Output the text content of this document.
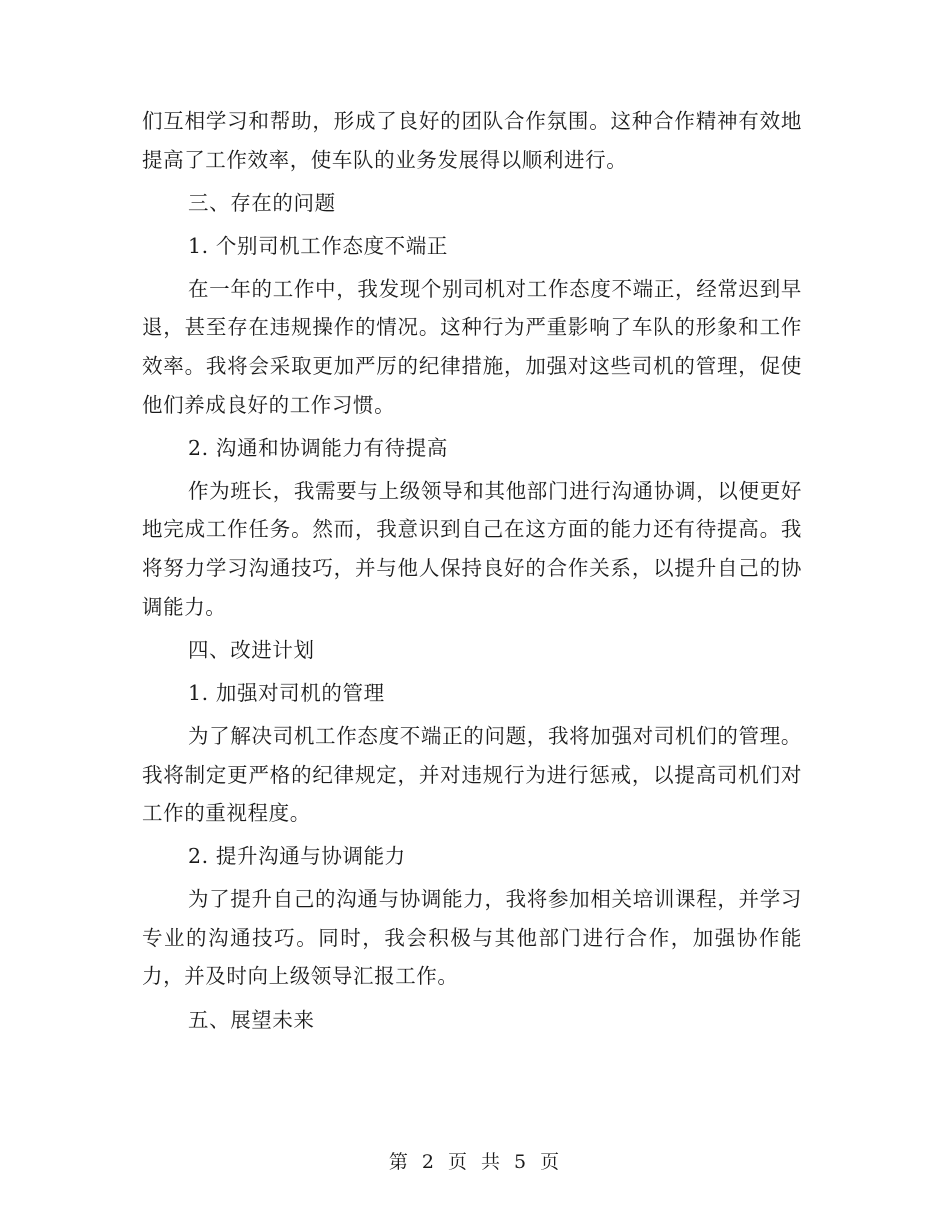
们互相学习和帮助，形成了良好的团队合作氛围。这种合作精神有效地提高了工作效率，使车队的业务发展得以顺利进行。

三、存在的问题

1. 个别司机工作态度不端正

在一年的工作中，我发现个别司机对工作态度不端正，经常迟到早退，甚至存在违规操作的情况。这种行为严重影响了车队的形象和工作效率。我将会采取更加严厉的纪律措施，加强对这些司机的管理，促使他们养成良好的工作习惯。

2. 沟通和协调能力有待提高

作为班长，我需要与上级领导和其他部门进行沟通协调，以便更好地完成工作任务。然而，我意识到自己在这方面的能力还有待提高。我将努力学习沟通技巧，并与他人保持良好的合作关系，以提升自己的协调能力。

四、改进计划

1. 加强对司机的管理

为了解决司机工作态度不端正的问题，我将加强对司机们的管理。我将制定更严格的纪律规定，并对违规行为进行惩戒，以提高司机们对工作的重视程度。

2. 提升沟通与协调能力

为了提升自己的沟通与协调能力，我将参加相关培训课程，并学习专业的沟通技巧。同时，我会积极与其他部门进行合作，加强协作能力，并及时向上级领导汇报工作。

五、展望未来

第 2 页 共 5 页
